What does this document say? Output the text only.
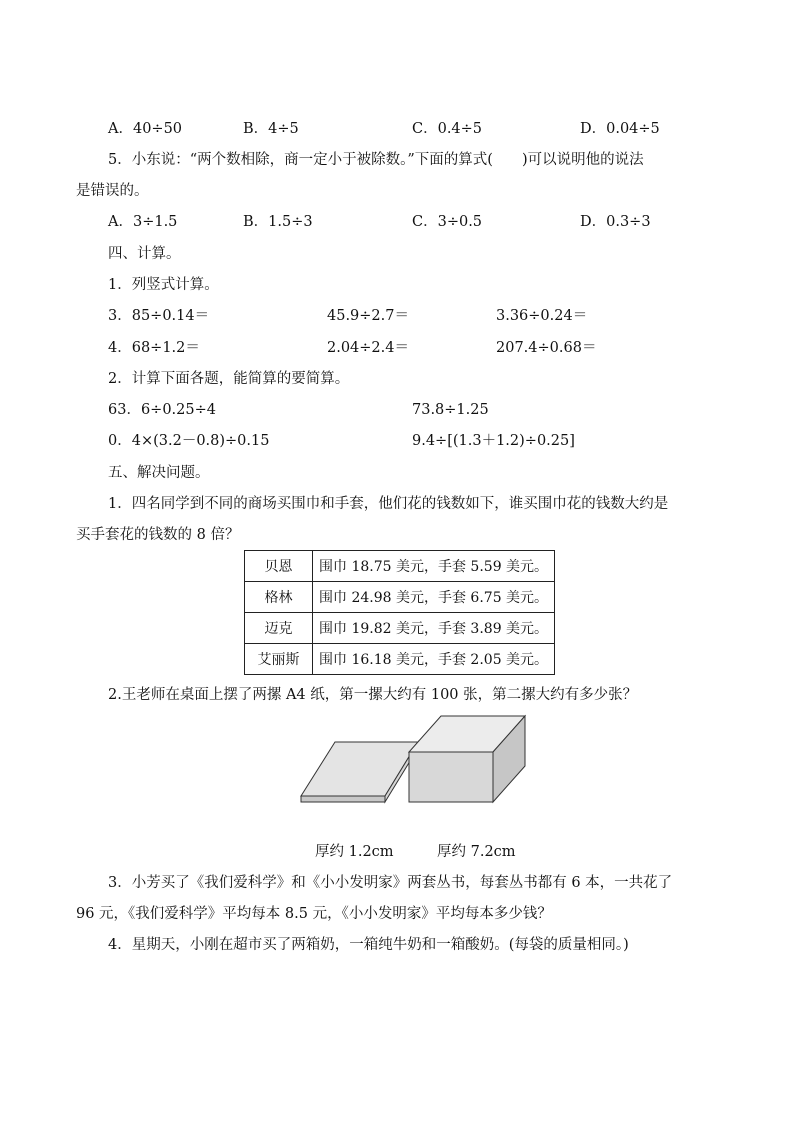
A．40÷50	B．4÷5	C．0.4÷5	D．0.04÷5
5．小东说：“两个数相除，商一定小于被除数。”下面的算式(　　)可以说明他的说法
是错误的。
A．3÷1.5	B．1.5÷3	C．3÷0.5	D．0.3÷3
四、计算。
1．列竖式计算。
3．85÷0.14＝	45.9÷2.7＝	3.36÷0.24＝
4．68÷1.2＝	2.04÷2.4＝	207.4÷0.68＝
2．计算下面各题，能简算的要简算。
63．6÷0.25÷4	73.8÷1.25
0．4×(3.2－0.8)÷0.15	9.4÷[(1.3＋1.2)÷0.25]
五、解决问题。
1．四名同学到不同的商场买围巾和手套，他们花的钱数如下，谁买围巾花的钱数大约是
买手套花的钱数的 8 倍？
贝恩	围巾 18.75 美元，手套 5.59 美元。
格林	围巾 24.98 美元，手套 6.75 美元。
迈克	围巾 19.82 美元，手套 3.89 美元。
艾丽斯	围巾 16.18 美元，手套 2.05 美元。
2.王老师在桌面上摆了两摞 A4 纸，第一摞大约有 100 张，第二摞大约有多少张？
厚约 1.2cm	厚约 7.2cm
3．小芳买了《我们爱科学》和《小小发明家》两套丛书，每套丛书都有 6 本，一共花了
96 元，《我们爱科学》平均每本 8.5 元，《小小发明家》平均每本多少钱？
4．星期天，小刚在超市买了两箱奶，一箱纯牛奶和一箱酸奶。(每袋的质量相同。)
